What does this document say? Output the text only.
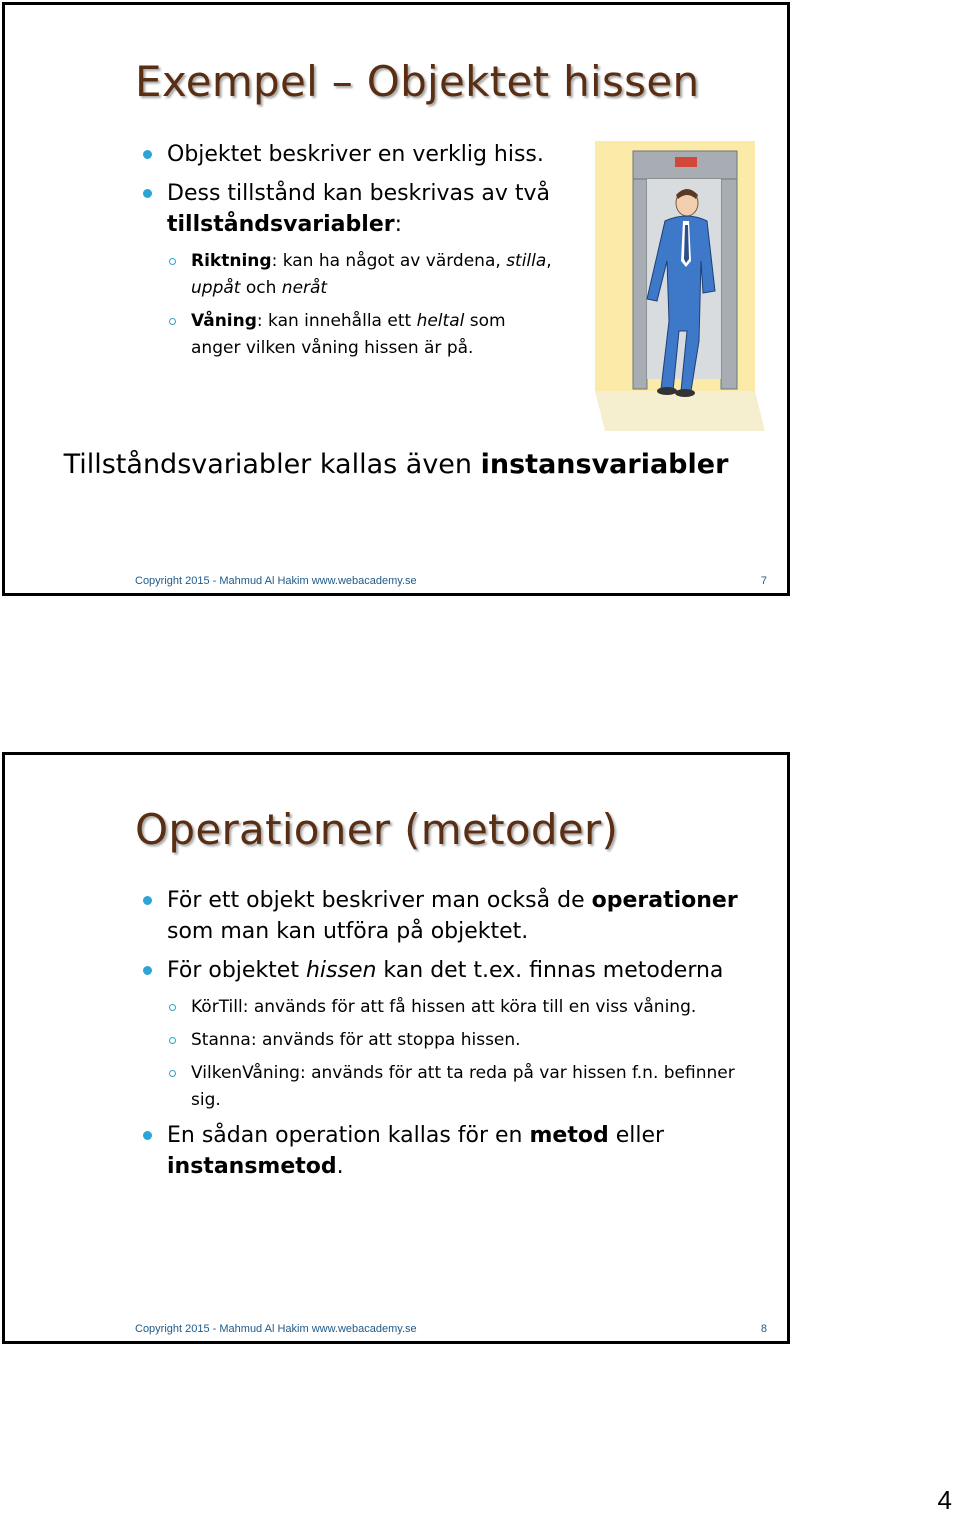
Exempel – Objektet hissen
Objektet beskriver en verklig hiss.
Dess tillstånd kan beskrivas av två tillståndsvariabler:
Riktning: kan ha något av värdena, stilla, uppåt och neråt
Våning: kan innehålla ett heltal som anger vilken våning hissen är på.
Tillståndsvariabler kallas även instansvariabler
Copyright 2015 - Mahmud Al Hakim www.webacademy.se	7
Operationer (metoder)
För ett objekt beskriver man också de operationer som man kan utföra på objektet.
För objektet hissen kan det t.ex. finnas metoderna
KörTill: används för att få hissen att köra till en viss våning.
Stanna: används för att stoppa hissen.
VilkenVåning: används för att ta reda på var hissen f.n. befinner sig.
En sådan operation kallas för en metod eller instansmetod.
Copyright 2015 - Mahmud Al Hakim www.webacademy.se	8
4
